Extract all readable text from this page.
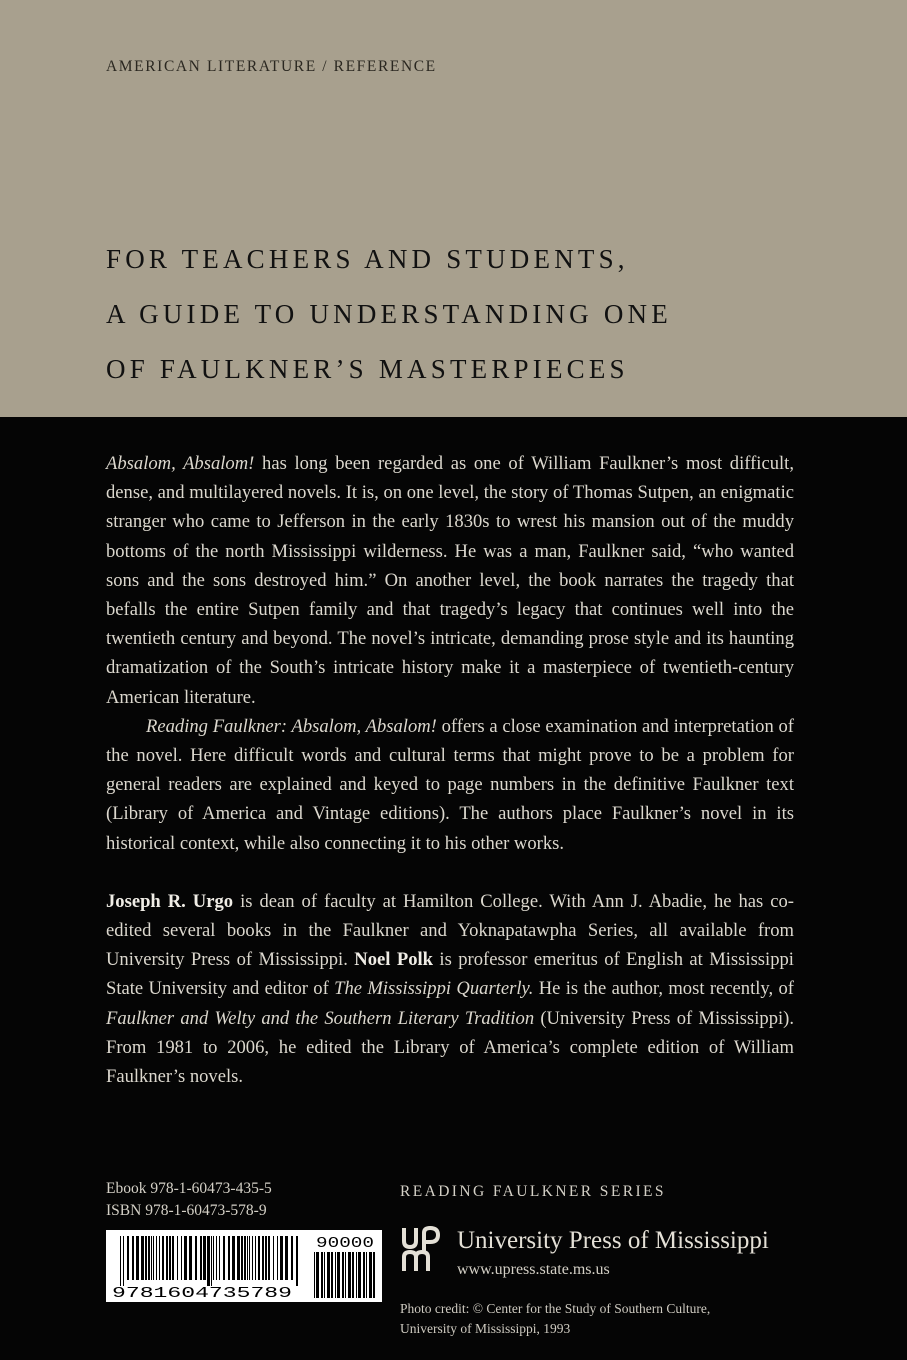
AMERICAN LITERATURE / REFERENCE
FOR TEACHERS AND STUDENTS,
A GUIDE TO UNDERSTANDING ONE
OF FAULKNER’S MASTERPIECES

Absalom, Absalom! has long been regarded as one of William Faulkner’s most difficult, dense, and multilayered novels. It is, on one level, the story of Thomas Sutpen, an enigmatic stranger who came to Jefferson in the early 1830s to wrest his mansion out of the muddy bottoms of the north Mississippi wilderness. He was a man, Faulkner said, “who wanted sons and the sons destroyed him.” On another level, the book narrates the tragedy that befalls the entire Sutpen family and that tragedy’s legacy that continues well into the twentieth century and beyond. The novel’s intricate, demanding prose style and its haunting dramatization of the South’s intricate history make it a masterpiece of twentieth-century American literature.

Reading Faulkner: Absalom, Absalom! offers a close examination and interpretation of the novel. Here difficult words and cultural terms that might prove to be a problem for general readers are explained and keyed to page numbers in the definitive Faulkner text (Library of America and Vintage editions). The authors place Faulkner’s novel in its historical context, while also connecting it to his other works.

Joseph R. Urgo is dean of faculty at Hamilton College. With Ann J. Abadie, he has co-edited several books in the Faulkner and Yoknapatawpha Series, all available from University Press of Mississippi. Noel Polk is professor emeritus of English at Mississippi State University and editor of The Mississippi Quarterly. He is the author, most recently, of Faulkner and Welty and the Southern Literary Tradition (University Press of Mississippi). From 1981 to 2006, he edited the Library of America’s complete edition of William Faulkner’s novels.

Ebook 978-1-60473-435-5
ISBN 978-1-60473-578-9
9781604735789
90000
READING FAULKNER SERIES
University Press of Mississippi
www.upress.state.ms.us
Photo credit: © Center for the Study of Southern Culture,
University of Mississippi, 1993
